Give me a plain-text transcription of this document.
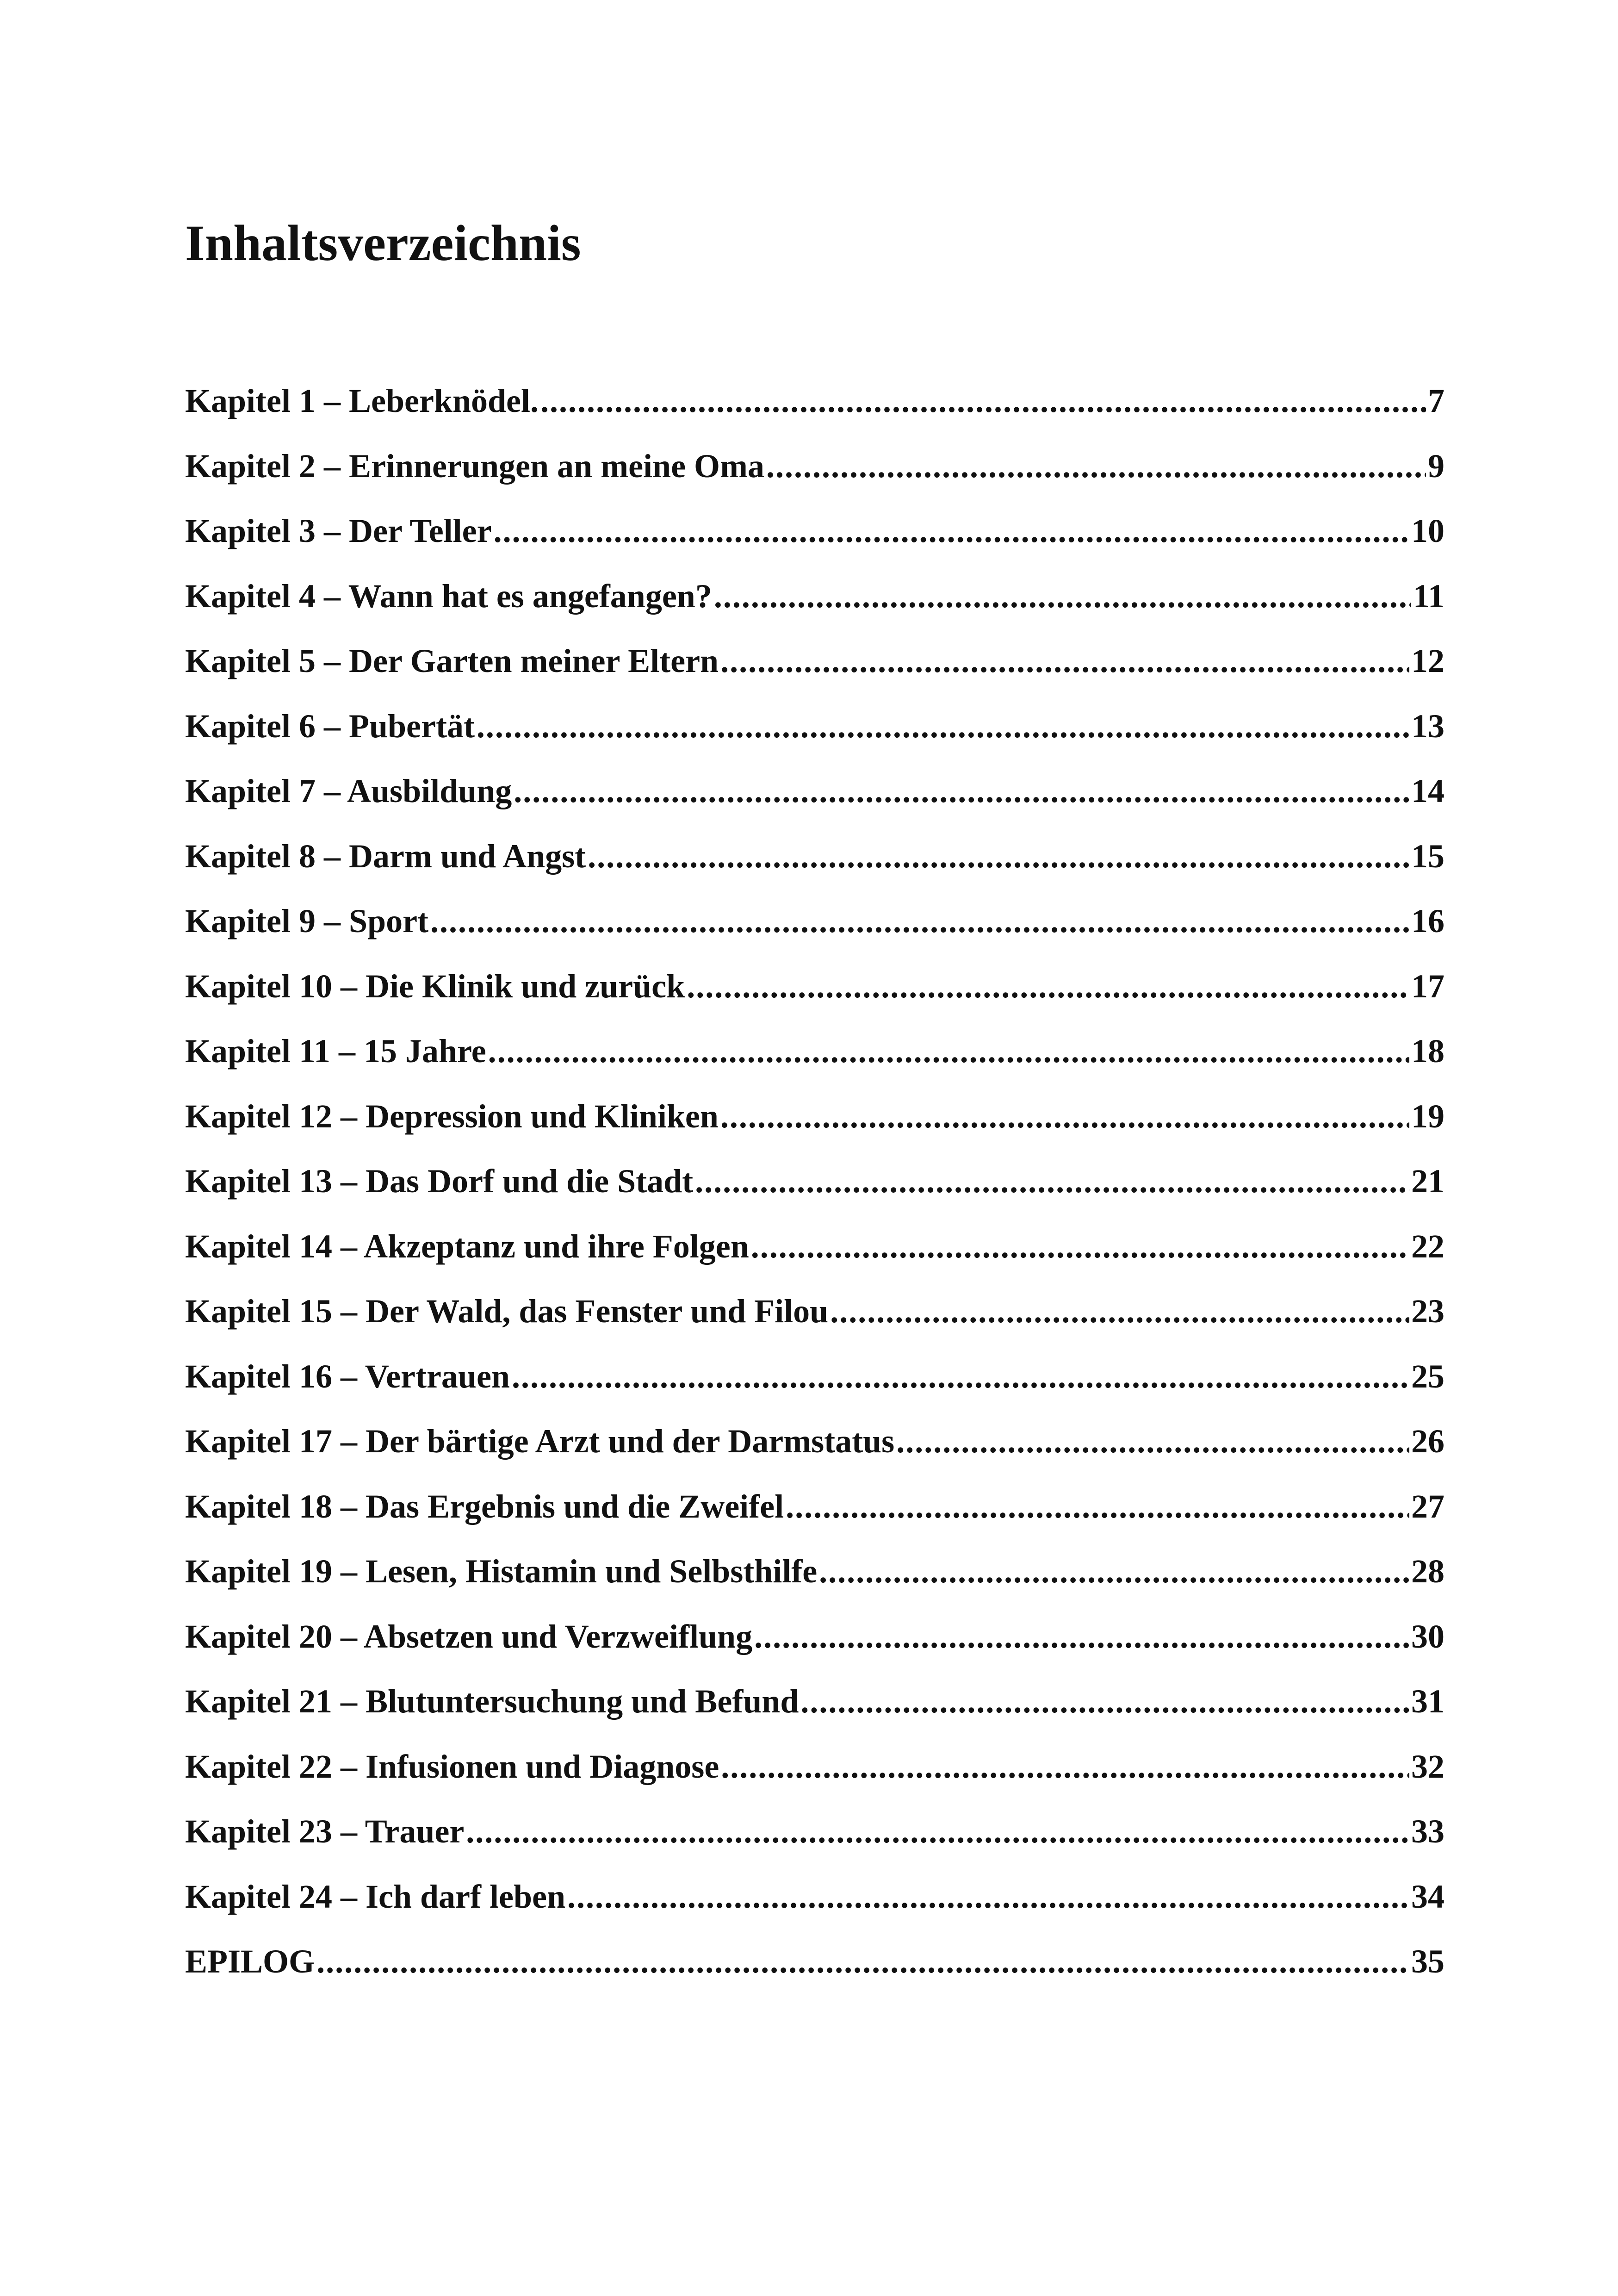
Inhaltsverzeichnis
Kapitel 1 – Leberknödel. .....	7
Kapitel 2 – Erinnerungen an meine Oma .....	9
Kapitel 3 – Der Teller .....	10
Kapitel 4 – Wann hat es angefangen? .....	11
Kapitel 5 – Der Garten meiner Eltern .....	12
Kapitel 6 – Pubertät .....	13
Kapitel 7 – Ausbildung .....	14
Kapitel 8 – Darm und Angst .....	15
Kapitel 9 – Sport .....	16
Kapitel 10 – Die Klinik und zurück .....	17
Kapitel 11 – 15 Jahre .....	18
Kapitel 12 – Depression und Kliniken .....	19
Kapitel 13 – Das Dorf und die Stadt .....	21
Kapitel 14 – Akzeptanz und ihre Folgen .....	22
Kapitel 15 – Der Wald, das Fenster und Filou .....	23
Kapitel 16 – Vertrauen .....	25
Kapitel 17 – Der bärtige Arzt und der Darmstatus .....	26
Kapitel 18 – Das Ergebnis und die Zweifel .....	27
Kapitel 19 – Lesen, Histamin und Selbsthilfe .....	28
Kapitel 20 – Absetzen und Verzweiflung .....	30
Kapitel 21 – Blutuntersuchung und Befund .....	31
Kapitel 22 – Infusionen und Diagnose .....	32
Kapitel 23 – Trauer .....	33
Kapitel 24 – Ich darf leben .....	34
EPILOG .....	35
